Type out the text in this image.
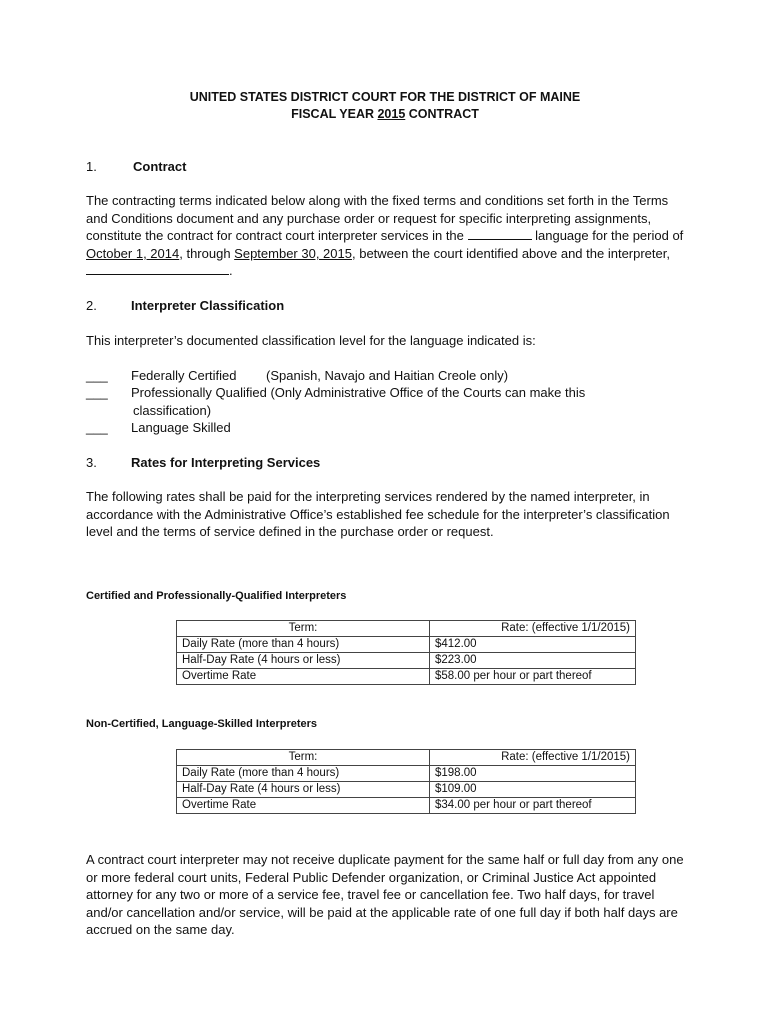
UNITED STATES DISTRICT COURT FOR THE DISTRICT OF MAINE
FISCAL YEAR 2015 CONTRACT
1.	Contract
The contracting terms indicated below along with the fixed terms and conditions set forth in the Terms
and Conditions document and any purchase order or request for specific interpreting assignments,
constitute the contract for contract court interpreter services in the	language for the period of
October 1, 2014, through September 30, 2015, between the court identified above and the interpreter,
.
2.	Interpreter Classification
This interpreter’s documented classification level for the language indicated is:
___ Federally Certified (Spanish, Navajo and Haitian Creole only)
___ Professionally Qualified (Only Administrative Office of the Courts can make this
classification)
___ Language Skilled
3.	Rates for Interpreting Services
The following rates shall be paid for the interpreting services rendered by the named interpreter, in
accordance with the Administrative Office’s established fee schedule for the interpreter’s classification
level and the terms of service defined in the purchase order or request.
Certified and Professionally-Qualified Interpreters
Term:	Rate: (effective 1/1/2015)
Daily Rate (more than 4 hours)	$412.00
Half-Day Rate (4 hours or less)	$223.00
Overtime Rate	$58.00 per hour or part thereof
Non-Certified, Language-Skilled Interpreters
Term:	Rate: (effective 1/1/2015)
Daily Rate (more than 4 hours)	$198.00
Half-Day Rate (4 hours or less)	$109.00
Overtime Rate	$34.00 per hour or part thereof
A contract court interpreter may not receive duplicate payment for the same half or full day from any one
or more federal court units, Federal Public Defender organization, or Criminal Justice Act appointed
attorney for any two or more of a service fee, travel fee or cancellation fee. Two half days, for travel
and/or cancellation and/or service, will be paid at the applicable rate of one full day if both half days are
accrued on the same day.
